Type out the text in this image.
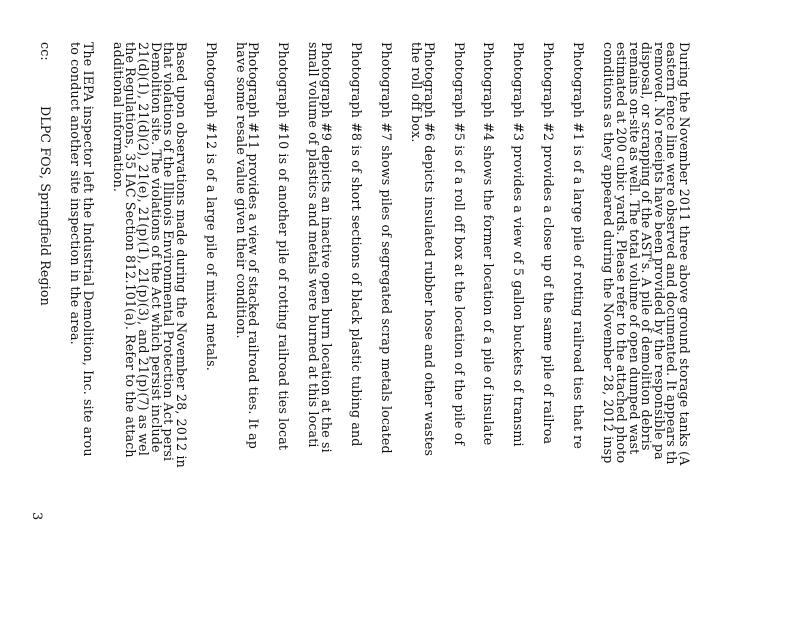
During the November 2011 three above ground storage tanks (A
eastern fence line were observed and documented. It appears th
removed. No receipts have been provided by the responsible pa
disposal, or scrapping of the AST's. A pile of demolition debris
remains on-site as well. The total volume of open dumped wast
estimated at 200 cubic yards. Please refer to the attached photo
conditions as they appeared during the November 28, 2012 insp
Photograph #1 is of a large pile of rotting railroad ties that re
Photograph #2 provides a close up of the same pile of railroa
Photograph #3 provides a view of 5 gallon buckets of transmi
Photograph #4 shows the former location of a pile of insulate
Photograph #5 is of a roll off box at the location of the pile of
Photograph #6 depicts insulated rubber hose and other wastes
the roll off box.
Photograph #7 shows piles of segregated scrap metals located
Photograph #8 is of short sections of black plastic tubing and
Photograph #9 depicts an inactive open burn location at the si
small volume of plastics and metals were burned at this locati
Photograph #10 is of another pile of rotting railroad ties locat
Photograph #11 provides a view of stacked railroad ties. It ap
have some resale value given their condition.
Photograph #12 is of a large pile of mixed metals.
Based upon observations made during the November 28, 2012 in
that violations of the Illinois Environmental Protection Act persi
Demolition site. The violations of the Act which persist include
21(d)(1), 21(d)(2), 21(e), 21(p)(1), 21(p)(3), and 21(p)(7) as wel
the Regulations, 35 IAC Section 812.101(a). Refer to the attach
additional information.
The IEPA inspector left the Industrial Demolition, Inc. site arou
to conduct another site inspection in the area.
cc:DLPC FOS, Springfield Region
3
